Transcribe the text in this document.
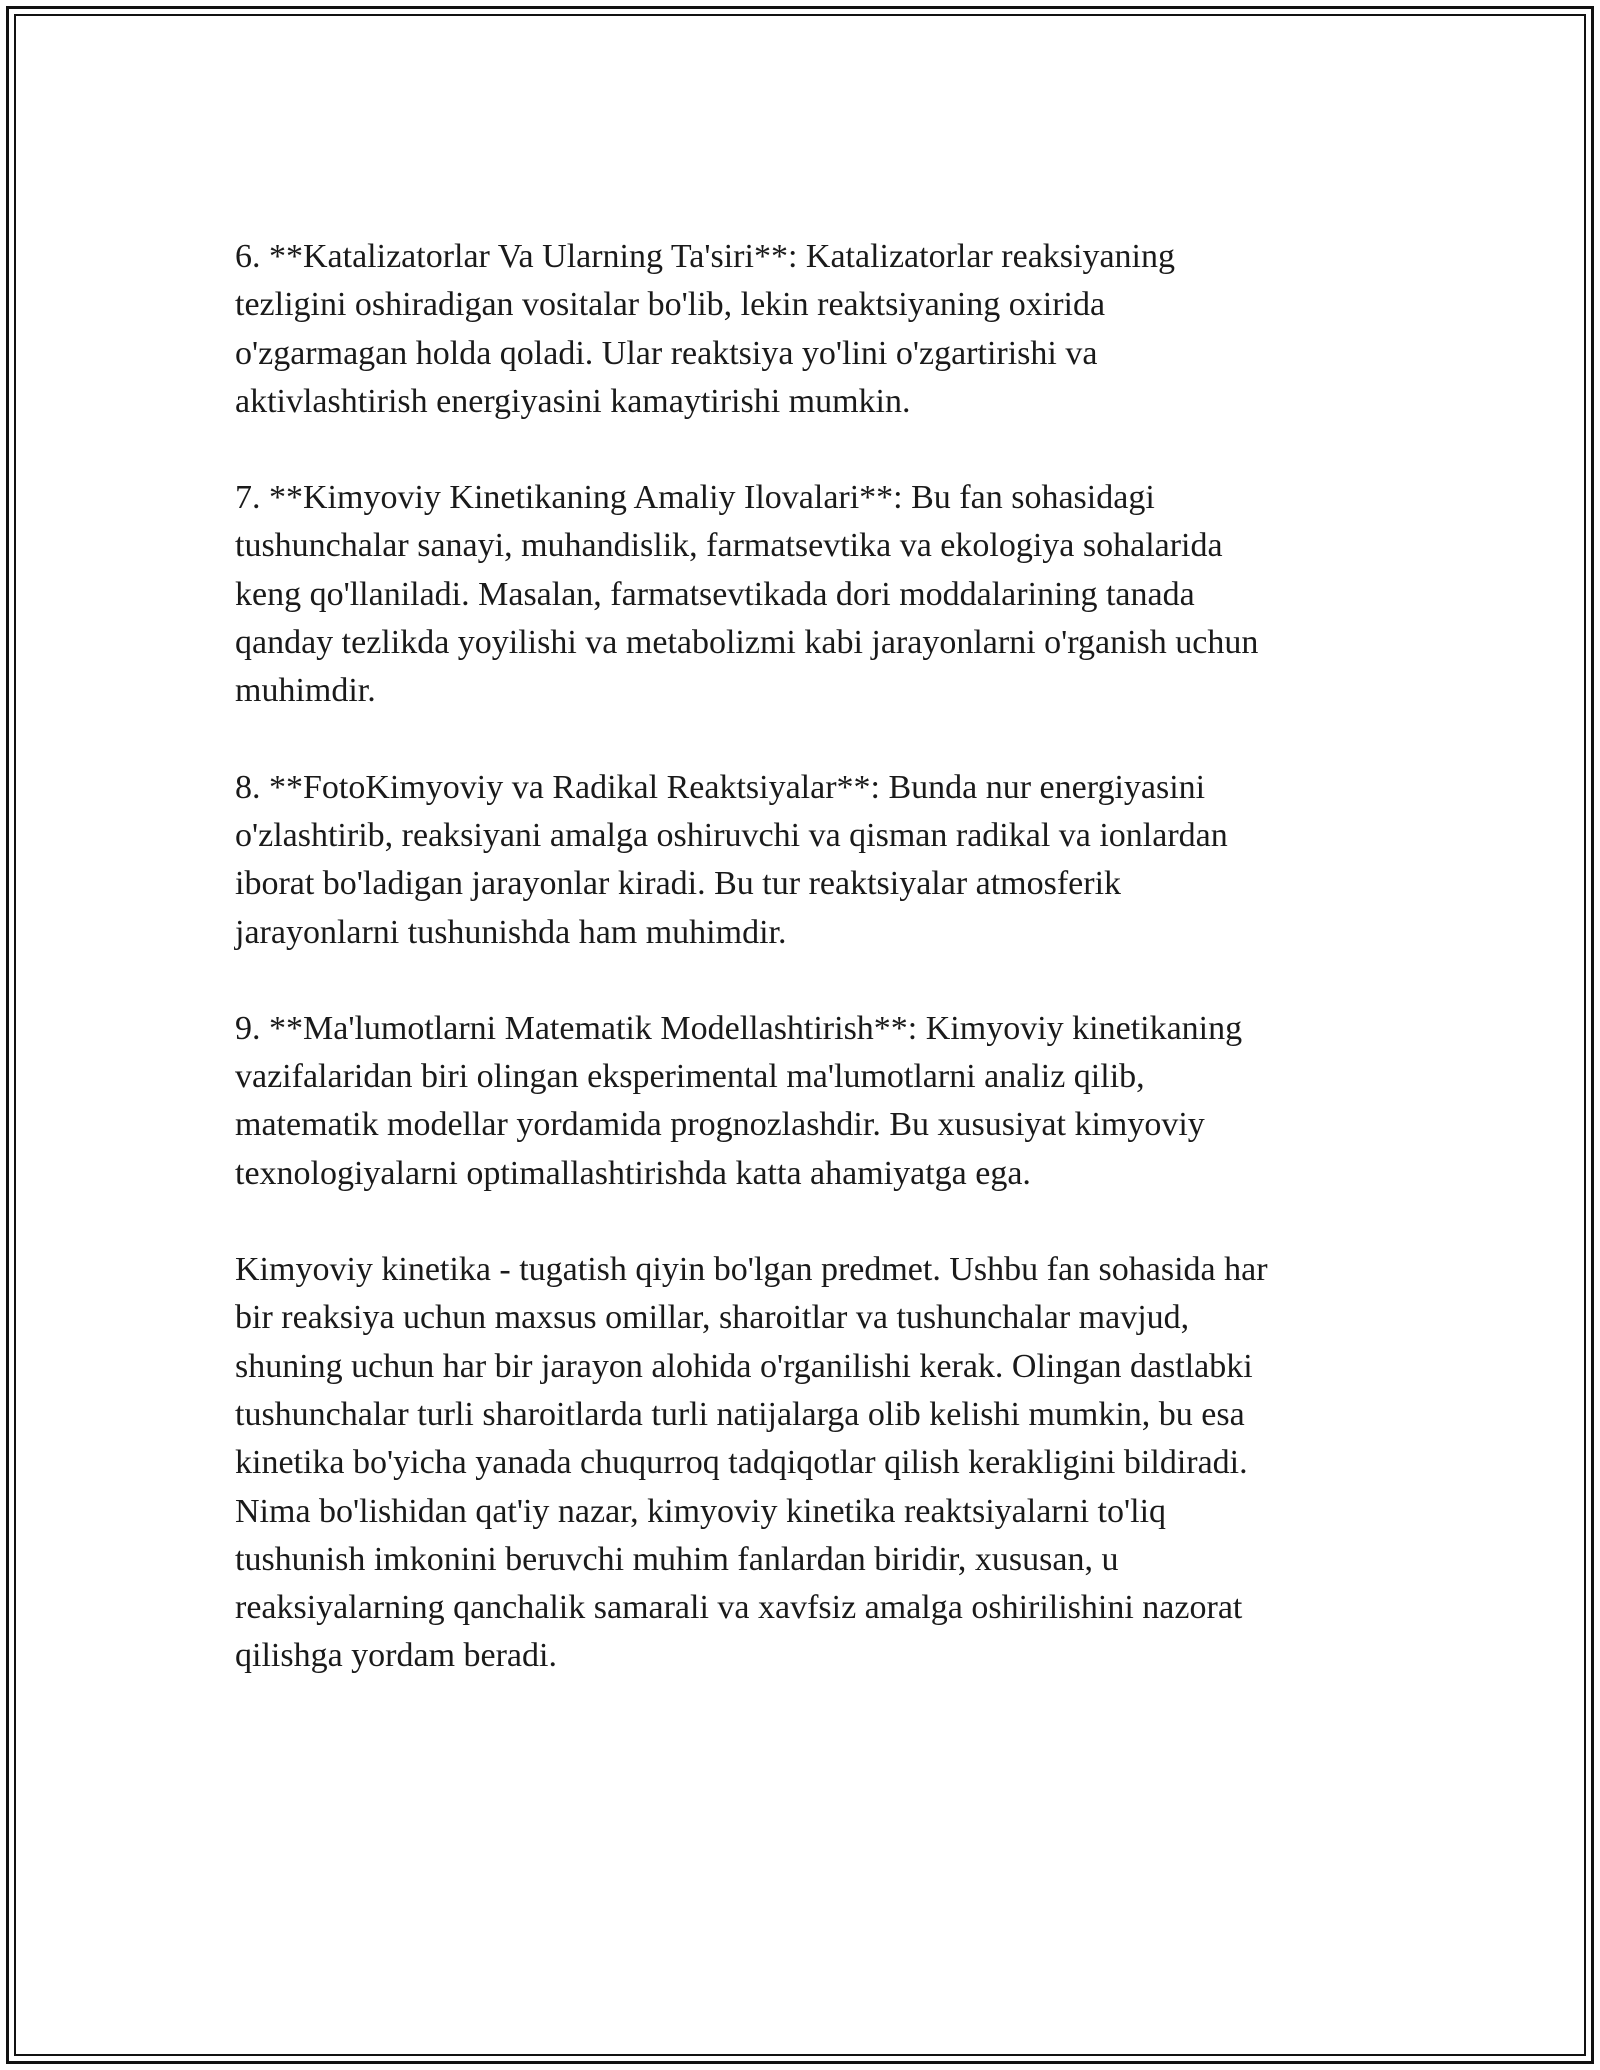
6. **Katalizatorlar Va Ularning Ta'siri**: Katalizatorlar reaksiyaning
tezligini oshiradigan vositalar bo'lib, lekin reaktsiyaning oxirida
o'zgarmagan holda qoladi. Ular reaktsiya yo'lini o'zgartirishi va
aktivlashtirish energiyasini kamaytirishi mumkin.

7. **Kimyoviy Kinetikaning Amaliy Ilovalari**: Bu fan sohasidagi
tushunchalar sanayi, muhandislik, farmatsevtika va ekologiya sohalarida
keng qo'llaniladi. Masalan, farmatsevtikada dori moddalarining tanada
qanday tezlikda yoyilishi va metabolizmi kabi jarayonlarni o'rganish uchun
muhimdir.

8. **FotoKimyoviy va Radikal Reaktsiyalar**: Bunda nur energiyasini
o'zlashtirib, reaksiyani amalga oshiruvchi va qisman radikal va ionlardan
iborat bo'ladigan jarayonlar kiradi. Bu tur reaktsiyalar atmosferik
jarayonlarni tushunishda ham muhimdir.

9. **Ma'lumotlarni Matematik Modellashtirish**: Kimyoviy kinetikaning
vazifalaridan biri olingan eksperimental ma'lumotlarni analiz qilib,
matematik modellar yordamida prognozlashdir. Bu xususiyat kimyoviy
texnologiyalarni optimallashtirishda katta ahamiyatga ega.

Kimyoviy kinetika - tugatish qiyin bo'lgan predmet. Ushbu fan sohasida har
bir reaksiya uchun maxsus omillar, sharoitlar va tushunchalar mavjud,
shuning uchun har bir jarayon alohida o'rganilishi kerak. Olingan dastlabki
tushunchalar turli sharoitlarda turli natijalarga olib kelishi mumkin, bu esa
kinetika bo'yicha yanada chuqurroq tadqiqotlar qilish kerakligini bildiradi.
Nima bo'lishidan qat'iy nazar, kimyoviy kinetika reaktsiyalarni to'liq
tushunish imkonini beruvchi muhim fanlardan biridir, xususan, u
reaksiyalarning qanchalik samarali va xavfsiz amalga oshirilishini nazorat
qilishga yordam beradi.
